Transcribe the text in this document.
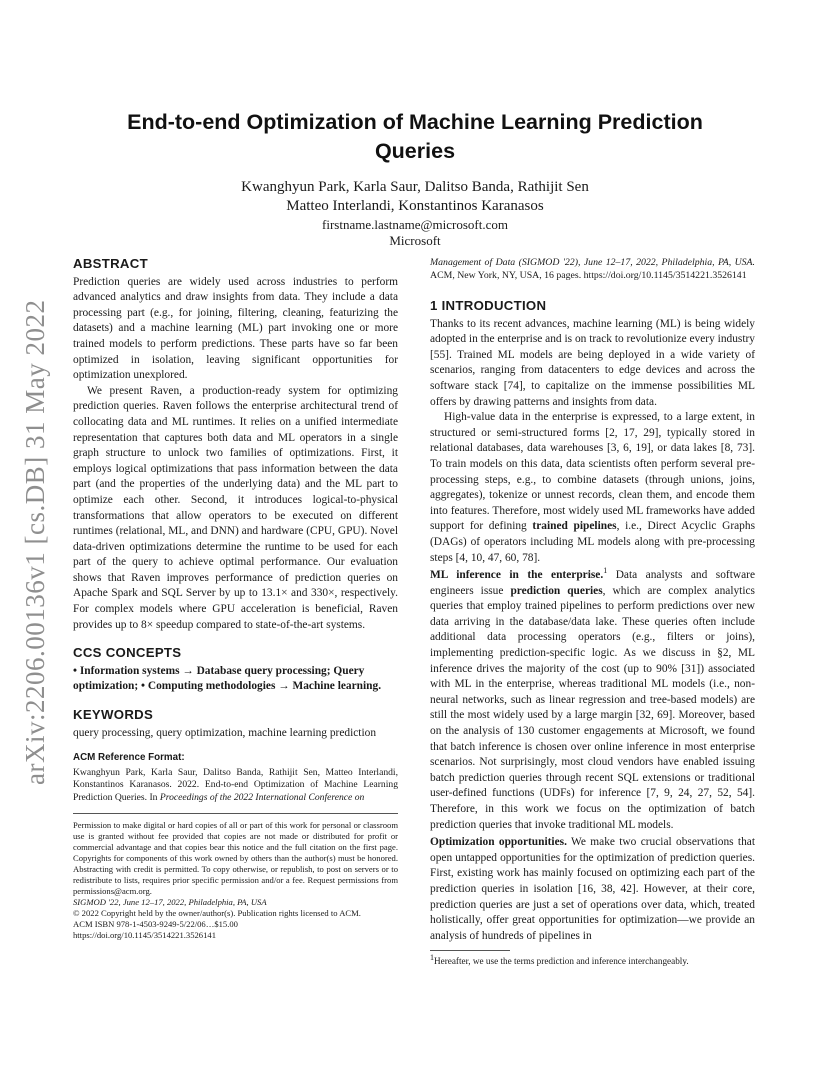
arXiv:2206.00136v1 [cs.DB] 31 May 2022
End-to-end Optimization of Machine Learning Prediction Queries
Kwanghyun Park, Karla Saur, Dalitso Banda, Rathijit Sen
Matteo Interlandi, Konstantinos Karanasos
firstname.lastname@microsoft.com
Microsoft
ABSTRACT

Prediction queries are widely used across industries to perform advanced analytics and draw insights from data. They include a data processing part (e.g., for joining, filtering, cleaning, featurizing the datasets) and a machine learning (ML) part invoking one or more trained models to perform predictions. These parts have so far been optimized in isolation, leaving significant opportunities for optimization unexplored.

We present Raven, a production-ready system for optimizing prediction queries. Raven follows the enterprise architectural trend of collocating data and ML runtimes. It relies on a unified intermediate representation that captures both data and ML operators in a single graph structure to unlock two families of optimizations. First, it employs logical optimizations that pass information between the data part (and the properties of the underlying data) and the ML part to optimize each other. Second, it introduces logical-to-physical transformations that allow operators to be executed on different runtimes (relational, ML, and DNN) and hardware (CPU, GPU). Novel data-driven optimizations determine the runtime to be used for each part of the query to achieve optimal performance. Our evaluation shows that Raven improves performance of prediction queries on Apache Spark and SQL Server by up to 13.1× and 330×, respectively. For complex models where GPU acceleration is beneficial, Raven provides up to 8× speedup compared to state-of-the-art systems.

CCS CONCEPTS

• Information systems → Database query processing; Query optimization; • Computing methodologies → Machine learning.

KEYWORDS

query processing, query optimization, machine learning prediction

ACM Reference Format:

Kwanghyun Park, Karla Saur, Dalitso Banda, Rathijit Sen, Matteo Interlandi, Konstantinos Karanasos. 2022. End-to-end Optimization of Machine Learning Prediction Queries. In Proceedings of the 2022 International Conference on

Permission to make digital or hard copies of all or part of this work for personal or classroom use is granted without fee provided that copies are not made or distributed for profit or commercial advantage and that copies bear this notice and the full citation on the first page. Copyrights for components of this work owned by others than the author(s) must be honored. Abstracting with credit is permitted. To copy otherwise, or republish, to post on servers or to redistribute to lists, requires prior specific permission and/or a fee. Request permissions from permissions@acm.org.

SIGMOD '22, June 12–17, 2022, Philadelphia, PA, USA

© 2022 Copyright held by the owner/author(s). Publication rights licensed to ACM.

ACM ISBN 978-1-4503-9249-5/22/06…$15.00

https://doi.org/10.1145/3514221.3526141

Management of Data (SIGMOD '22), June 12–17, 2022, Philadelphia, PA, USA. ACM, New York, NY, USA, 16 pages. https://doi.org/10.1145/3514221.3526141

1 INTRODUCTION

Thanks to its recent advances, machine learning (ML) is being widely adopted in the enterprise and is on track to revolutionize every industry [55]. Trained ML models are being deployed in a wide variety of scenarios, ranging from datacenters to edge devices and across the software stack [74], to capitalize on the immense possibilities ML offers by drawing patterns and insights from data.

High-value data in the enterprise is expressed, to a large extent, in structured or semi-structured forms [2, 17, 29], typically stored in relational databases, data warehouses [3, 6, 19], or data lakes [8, 73]. To train models on this data, data scientists often perform several pre-processing steps, e.g., to combine datasets (through unions, joins, aggregates), tokenize or unnest records, clean them, and encode them into features. Therefore, most widely used ML frameworks have added support for defining trained pipelines, i.e., Direct Acyclic Graphs (DAGs) of operators including ML models along with pre-processing steps [4, 10, 47, 60, 78].

ML inference in the enterprise.$^1$ Data analysts and software engineers issue prediction queries, which are complex analytics queries that employ trained pipelines to perform predictions over new data arriving in the database/data lake. These queries often include additional data processing operators (e.g., filters or joins), implementing prediction-specific logic. As we discuss in §2, ML inference drives the majority of the cost (up to 90% [31]) associated with ML in the enterprise, whereas traditional ML models (i.e., non-neural networks, such as linear regression and tree-based models) are still the most widely used by a large margin [32, 69]. Moreover, based on the analysis of 130 customer engagements at Microsoft, we found that batch inference is chosen over online inference in most enterprise scenarios. Not surprisingly, most cloud vendors have enabled issuing batch prediction queries through recent SQL extensions or traditional user-defined functions (UDFs) for inference [7, 9, 24, 27, 52, 54]. Therefore, in this work we focus on the optimization of batch prediction queries that invoke traditional ML models.

Optimization opportunities. We make two crucial observations that open untapped opportunities for the optimization of prediction queries. First, existing work has mainly focused on optimizing each part of the prediction queries in isolation [16, 38, 42]. However, at their core, prediction queries are just a set of operations over data, which, treated holistically, offer great opportunities for optimization—we provide an analysis of hundreds of pipelines in

$^1$Hereafter, we use the terms prediction and inference interchangeably.
